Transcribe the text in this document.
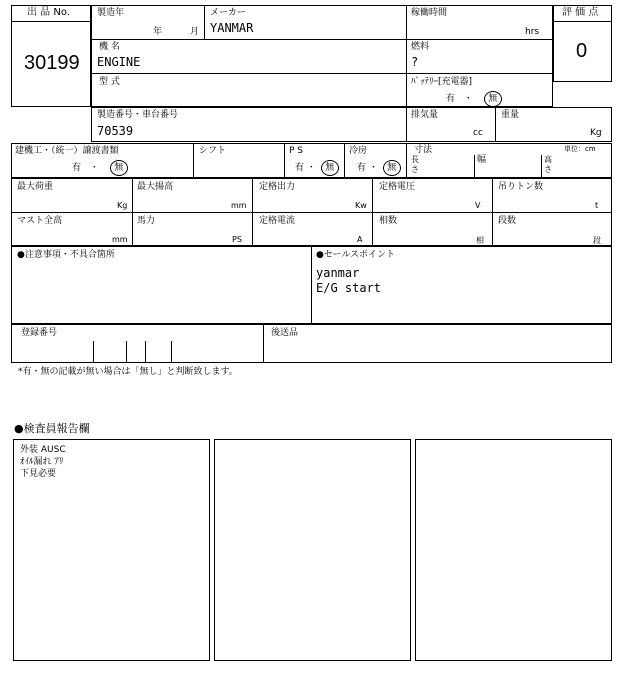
出 品 No.
30199
製造年
年	月
メーカー
YANMAR
稼働時間
hrs
機 名
ENGINE
燃料
?
型 式	ﾊﾞｯﾃﾘｰ[充電器]
有 ・ 無
評 価 点
0
製造番号・車台番号
70539
排気量
cc
重量
Kg
建機工・（統一）譲渡書類
有 ・ 無
シフト	P S
有 ・ 無
冷房
有 ・ 無
寸法	単位：cm
長
さ
幅	高
さ
最大荷重
Kg
最大揚高
mm
定格出力
Kw
定格電圧
V
吊りトン数
t
マスト全高
mm
馬力
PS
定格電流
A
相数
相
段数
段
●注意事項・不具合箇所	●セールスポイント
yanmar
E/G start
登録番号	後送品
*有・無の記載が無い場合は「無し」と判断致します。
●検査員報告欄
外装 AUSC
ｵｲﾙ漏れ ｱﾘ
下見必要
